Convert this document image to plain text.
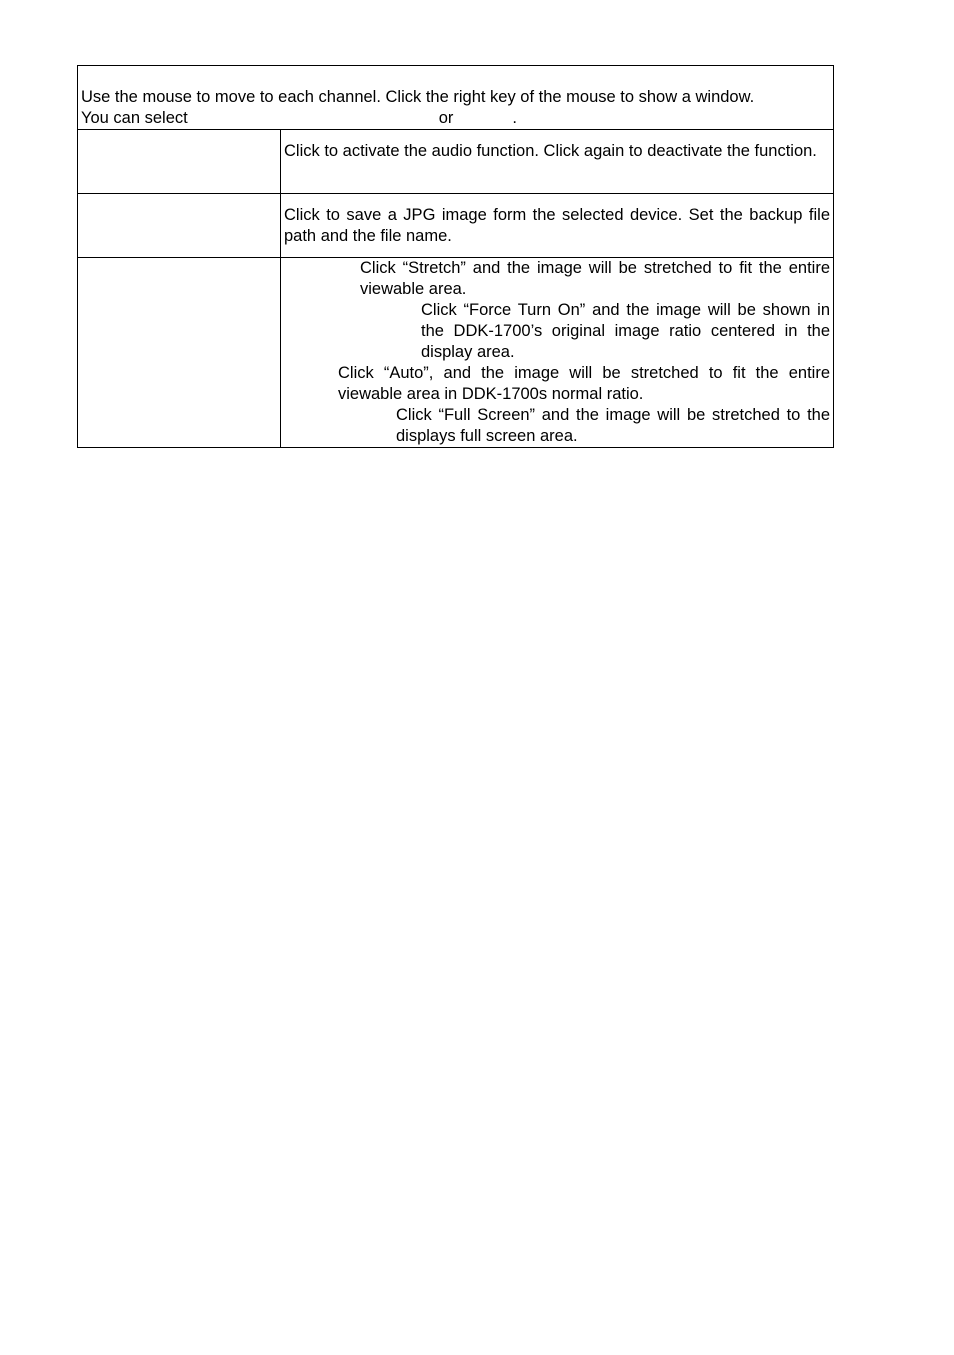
Use the mouse to move to each channel. Click the right key of the mouse to show a window.
You can select or .	

	Click to activate the audio function. Click again to deactivate the function.
	Click to save a JPG image form the selected device. Set the backup file path and the file name.

	Click “Stretch” and the image will be stretched to fit the entire viewable area.
Click “Force Turn On” and the image will be shown in the DDK-1700’s original image ratio centered in the display area.
Click “Auto”, and the image will be stretched to fit the entire viewable area in DDK-1700s normal ratio.
Click “Full Screen” and the image will be stretched to the displays full screen area.
